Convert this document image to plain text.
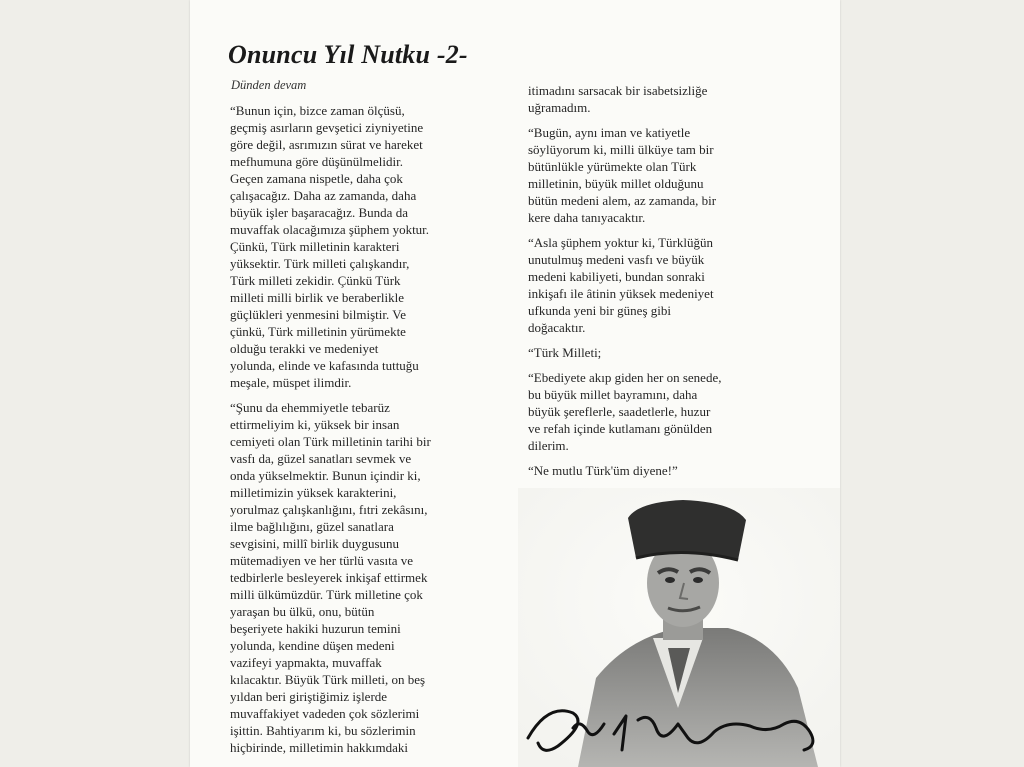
Onuncu Yıl Nutku -2-
Dünden devam

“Bunun için, bizce zaman ölçüsü,
geçmiş asırların gevşetici ziyniyetine
göre değil, asrımızın sürat ve hareket
mefhumuna göre düşünülmelidir.
Geçen zamana nispetle, daha çok
çalışacağız. Daha az zamanda, daha
büyük işler başaracağız. Bunda da
muvaffak olacağımıza şüphem yoktur.
Çünkü, Türk milletinin karakteri
yüksektir. Türk milleti çalışkandır,
Türk milleti zekidir. Çünkü Türk
milleti milli birlik ve beraberlikle
güçlükleri yenmesini bilmiştir. Ve
çünkü, Türk milletinin yürümekte
olduğu terakki ve medeniyet
yolunda, elinde ve kafasında tuttuğu
meşale, müspet ilimdir.

“Şunu da ehemmiyetle tebarüz
ettirmeliyim ki, yüksek bir insan
cemiyeti olan Türk milletinin tarihi bir
vasfı da, güzel sanatları sevmek ve
onda yükselmektir. Bunun içindir ki,
milletimizin yüksek karakterini,
yorulmaz çalışkanlığını, fıtri zekâsını,
ilme bağlılığını, güzel sanatlara
sevgisini, millî birlik duygusunu
mütemadiyen ve her türlü vasıta ve
tedbirlerle besleyerek inkişaf ettirmek
milli ülkümüzdür. Türk milletine çok
yaraşan bu ülkü, onu, bütün
beşeriyete hakiki huzurun temini
yolunda, kendine düşen medeni
vazifeyi yapmakta, muvaffak
kılacaktır. Büyük Türk milleti, on beş
yıldan beri giriştiğimiz işlerde
muvaffakiyet vadeden çok sözlerimi
işittin. Bahtiyarım ki, bu sözlerimin
hiçbirinde, milletimin hakkımdaki

itimadını sarsacak bir isabetsizliğe
uğramadım.

“Bugün, aynı iman ve katiyetle
söylüyorum ki, milli ülküye tam bir
bütünlükle yürümekte olan Türk
milletinin, büyük millet olduğunu
bütün medeni alem, az zamanda, bir
kere daha tanıyacaktır.

“Asla şüphem yoktur ki, Türklüğün
unutulmuş medeni vasfı ve büyük
medeni kabiliyeti, bundan sonraki
inkişafı ile âtinin yüksek medeniyet
ufkunda yeni bir güneş gibi
doğacaktır.

“Türk Milleti;

“Ebediyete akıp giden her on senede,
bu büyük millet bayramını, daha
büyük şereflerle, saadetlerle, huzur
ve refah içinde kutlamanı gönülden
dilerim.

“Ne mutlu Türk'üm diyene!”
